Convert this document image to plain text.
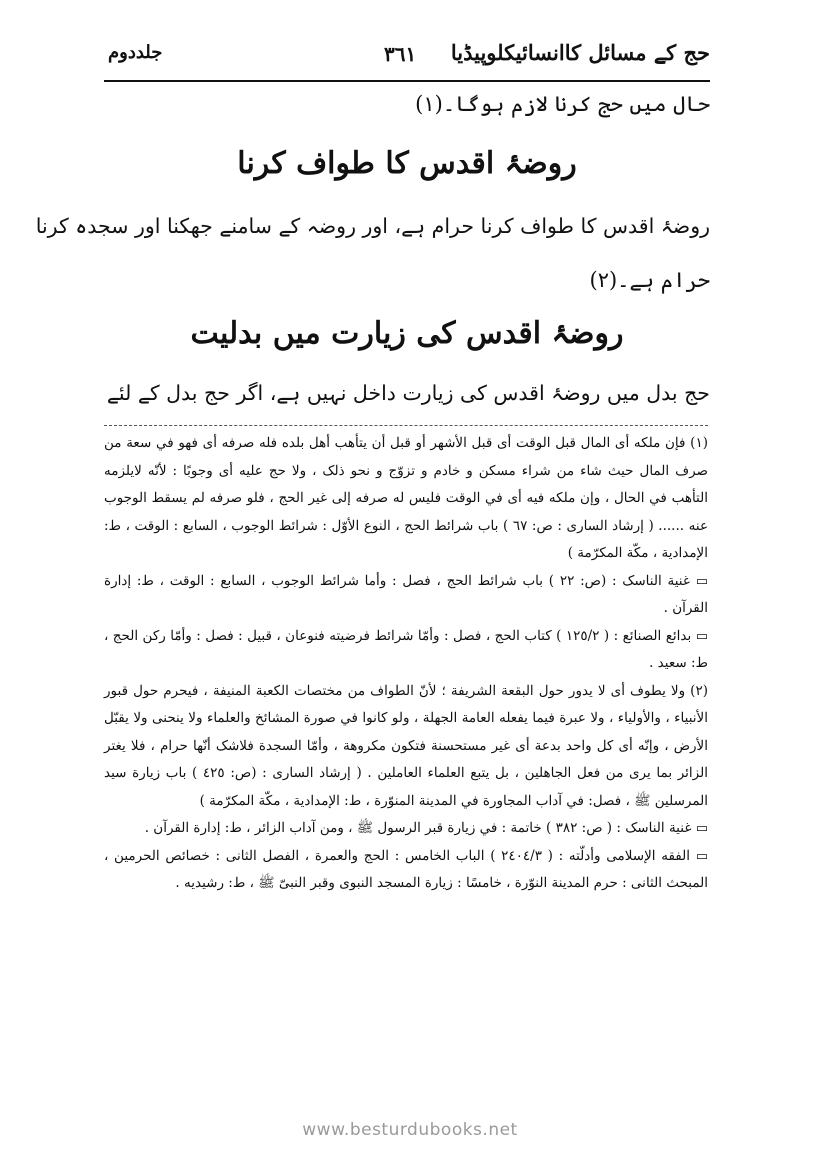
حج کے مسائل کاانسائیکلوپیڈیا
۳٦۱
جلددوم
حال میں حج کرنا لازم ہوگا۔(۱)
روضۂ اقدس کا طواف کرنا
روضۂ اقدس کا طواف کرنا حرام ہے، اور روضہ کے سامنے جھکنا اور سجدہ کرنا
حرام ہے۔(۲)
روضۂ اقدس کی زیارت میں بدلیت
حج بدل میں روضۂ اقدس کی زیارت داخل نہیں ہے، اگر حج بدل کے لئے

(١) فإن ملكه أى المال قبل الوقت أى قبل الأشهر أو قبل أن يتأهب أهل بلده فله صرفه أى فهو في سعة من صرف المال حيث شاء من شراء مسكن و خادم و تزوّج و نحو ذلک ، ولا حج عليه أى وجوبًا : لأنّه لايلزمه التأهب في الحال ، وإن ملكه فيه أى في الوقت فليس له صرفه إلى غير الحج ، فلو صرفه لم يسقط الوجوب عنه ...... ( إرشاد السارى : ص: ٦٧ ) باب شرائط الحج ، النوع الأوّل : شرائط الوجوب ، السابع : الوقت ، ط: الإمدادية ، مكّة المكرّمة )

▭ غنية الناسک : (ص: ٢٢ ) باب شرائط الحج ، فصل : وأما شرائط الوجوب ، السابع : الوقت ، ط: إدارة القرآن .

▭ بدائع الصنائع : ( ١٢٥/٢ ) كتاب الحج ، فصل : وأمّا شرائط فرضيته فنوعان ، قبيل : فصل : وأمّا ركن الحج ، ط: سعيد .

(٢) ولا يطوف أى لا يدور حول البقعة الشريفة ؛ لأنّ الطواف من مختصات الكعبة المنيفة ، فيحرم حول قبور الأنبياء ، والأولياء ، ولا عبرة فيما يفعله العامة الجهلة ، ولو كانوا في صورة المشائخ والعلماء ولا ينحنى ولا يقبّل الأرض ، وإنّه أى كل واحد بدعة أى غير مستحسنة فتكون مكروهة ، وأمّا السجدة فلاشک أنّها حرام ، فلا يغتر الزائر بما يرى من فعل الجاهلين ، بل يتبع العلماء العاملين . ( إرشاد السارى : (ص: ٤٢٥ ) باب زيارة سيد المرسلين ﷺ ، فصل: في آداب المجاورة في المدينة المنوّرة ، ط: الإمدادية ، مكّة المكرّمة )

▭ غنية الناسک : ( ص: ٣٨٢ ) خاتمة : في زيارة قبر الرسول ﷺ ، ومن آداب الزائر ، ط: إدارة القرآن .

▭ الفقه الإسلامى وأدلّته : ( ٢٤٠٤/٣ ) الباب الخامس : الحج والعمرة ، الفصل الثانى : خصائص الحرمين ، المبحث الثانى : حرم المدينة النوّرة ، خامسًا : زيارة المسجد النبوى وقبر النبىّ ﷺ ، ط: رشيديه .

www.besturdubooks.net
